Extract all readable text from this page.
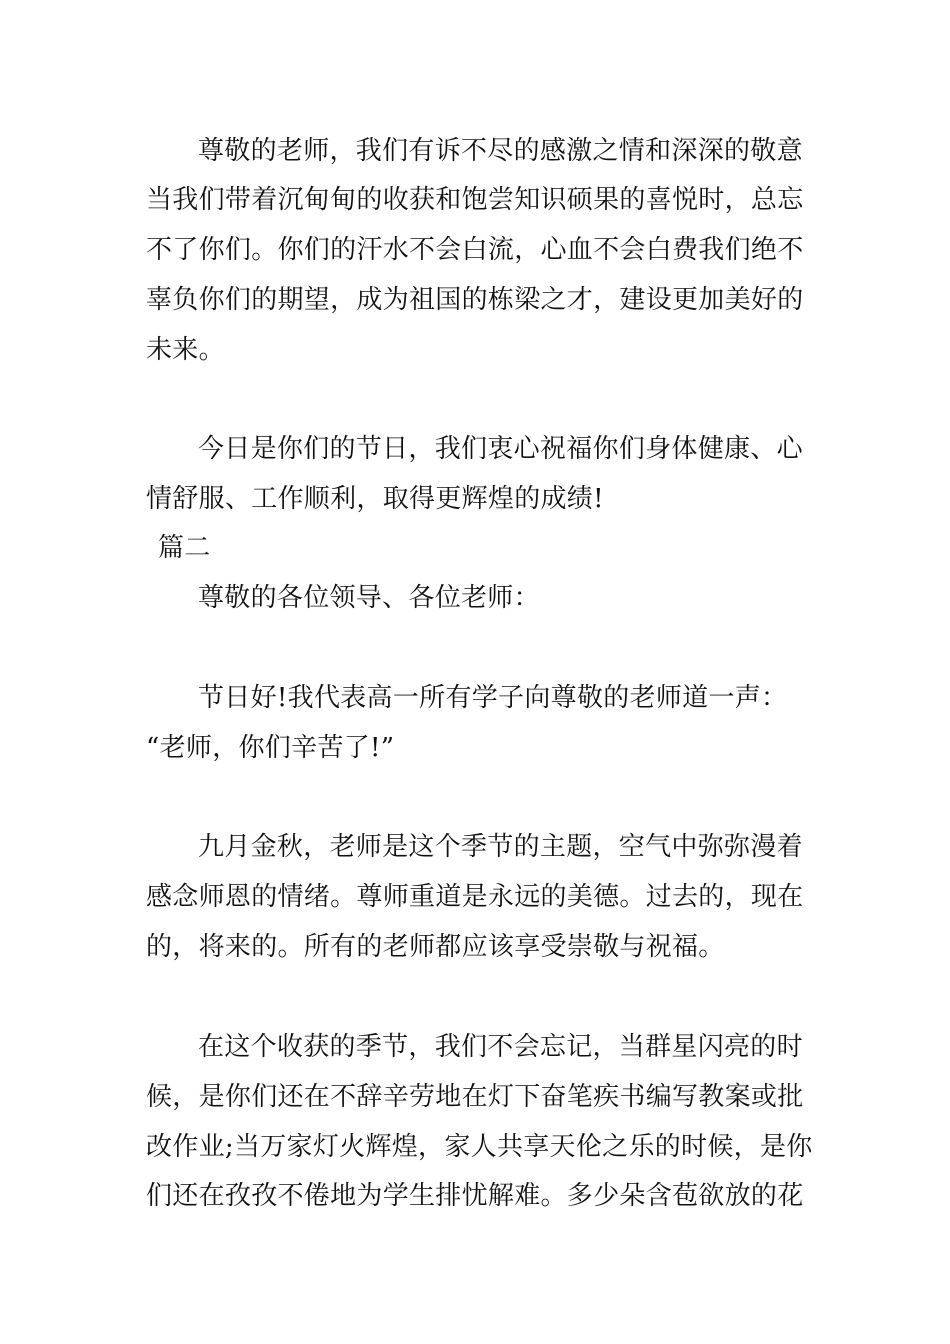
尊敬的老师，我们有诉不尽的感激之情和深深的敬意
当我们带着沉甸甸的收获和饱尝知识硕果的喜悦时，总忘
不了你们。你们的汗水不会白流，心血不会白费我们绝不
辜负你们的期望，成为祖国的栋梁之才，建设更加美好的
未来。
今日是你们的节日，我们衷心祝福你们身体健康、心
情舒服、工作顺利，取得更辉煌的成绩!
篇二
尊敬的各位领导、各位老师：
节日好!我代表高一所有学子向尊敬的老师道一声：
“老师，你们辛苦了!”
九月金秋，老师是这个季节的主题，空气中弥弥漫着
感念师恩的情绪。尊师重道是永远的美德。过去的，现在
的，将来的。所有的老师都应该享受崇敬与祝福。
在这个收获的季节，我们不会忘记，当群星闪亮的时
候，是你们还在不辞辛劳地在灯下奋笔疾书编写教案或批
改作业;当万家灯火辉煌，家人共享天伦之乐的时候，是你
们还在孜孜不倦地为学生排忧解难。多少朵含苞欲放的花
